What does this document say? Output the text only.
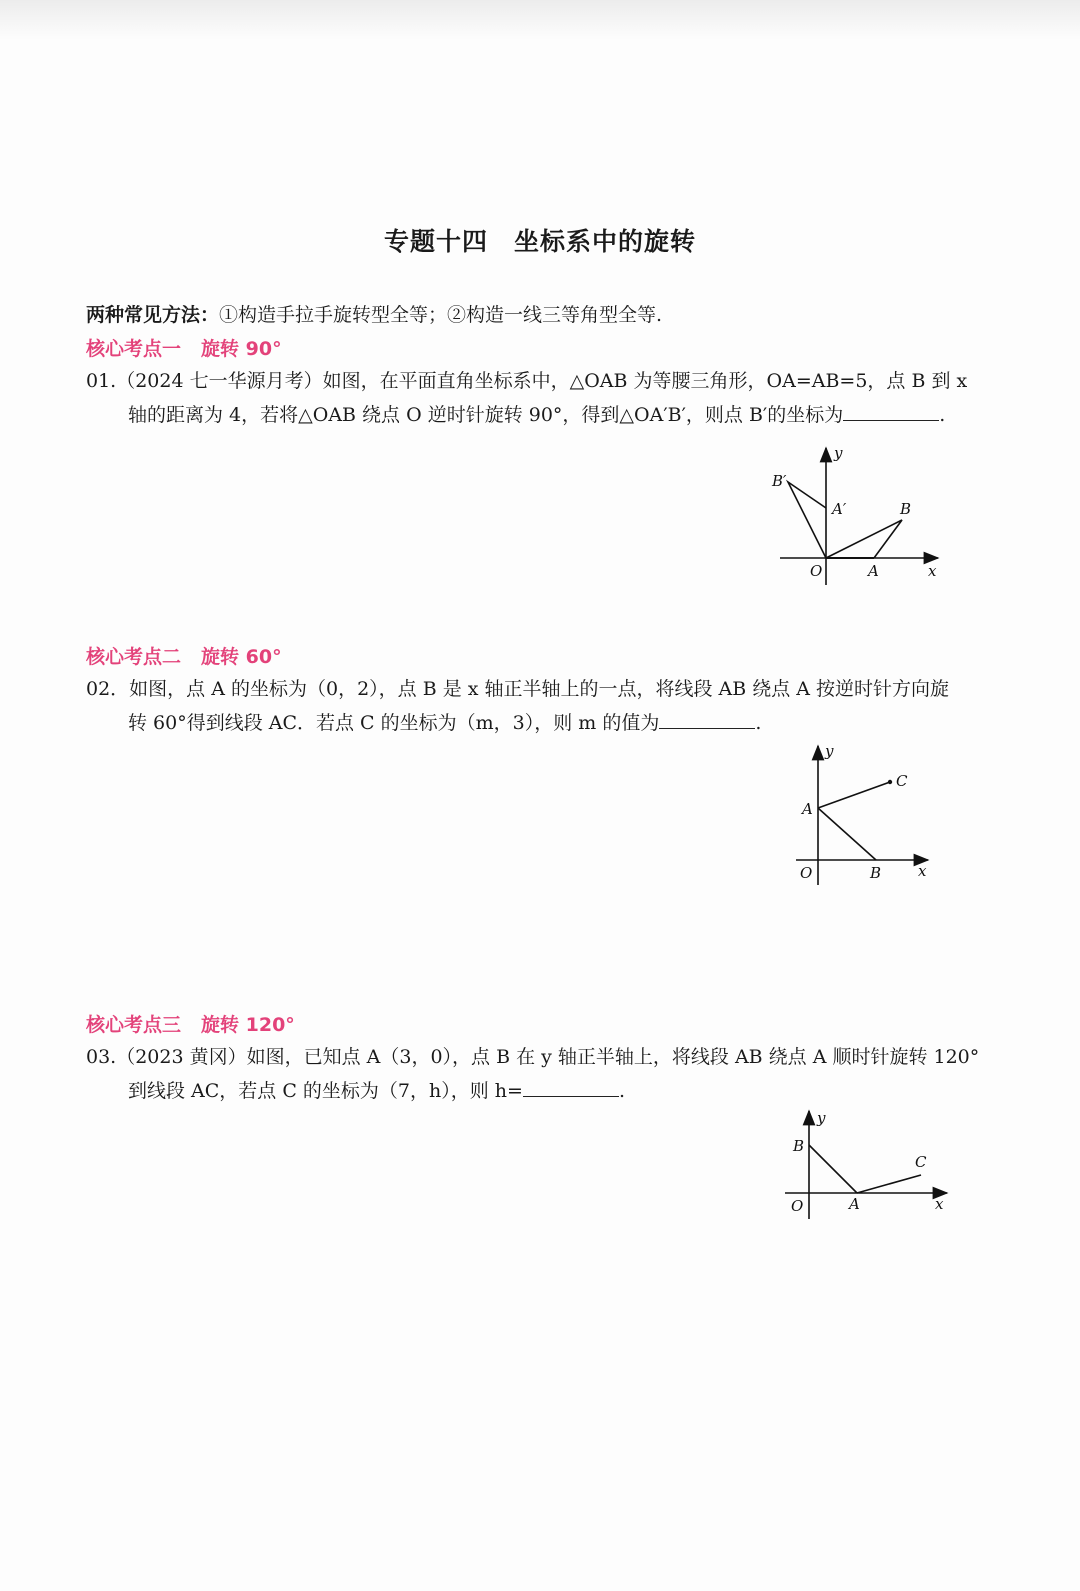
专题十四 坐标系中的旋转
两种常见方法：①构造手拉手旋转型全等；②构造一线三等角型全等.
核心考点一 旋转 90°
01.（2024 七一华源月考）如图，在平面直角坐标系中，△OAB 为等腰三角形，OA=AB=5，点 B 到 x
轴的距离为 4，若将△OAB 绕点 O 逆时针旋转 90°，得到△OA′B′，则点 B′的坐标为	.
y
x
O	A
B
A′
B′
核心考点二 旋转 60°
02．如图，点 A 的坐标为（0，2），点 B 是 x 轴正半轴上的一点，将线段 AB 绕点 A 按逆时针方向旋
转 60°得到线段 AC．若点 C 的坐标为（m，3），则 m 的值为	.
y
x
O
A
B
C
核心考点三 旋转 120°
03.（2023 黄冈）如图，已知点 A（3，0），点 B 在 y 轴正半轴上，将线段 AB 绕点 A 顺时针旋转 120°
到线段 AC，若点 C 的坐标为（7，h），则 h=	.
y
x
O
B
A
C
